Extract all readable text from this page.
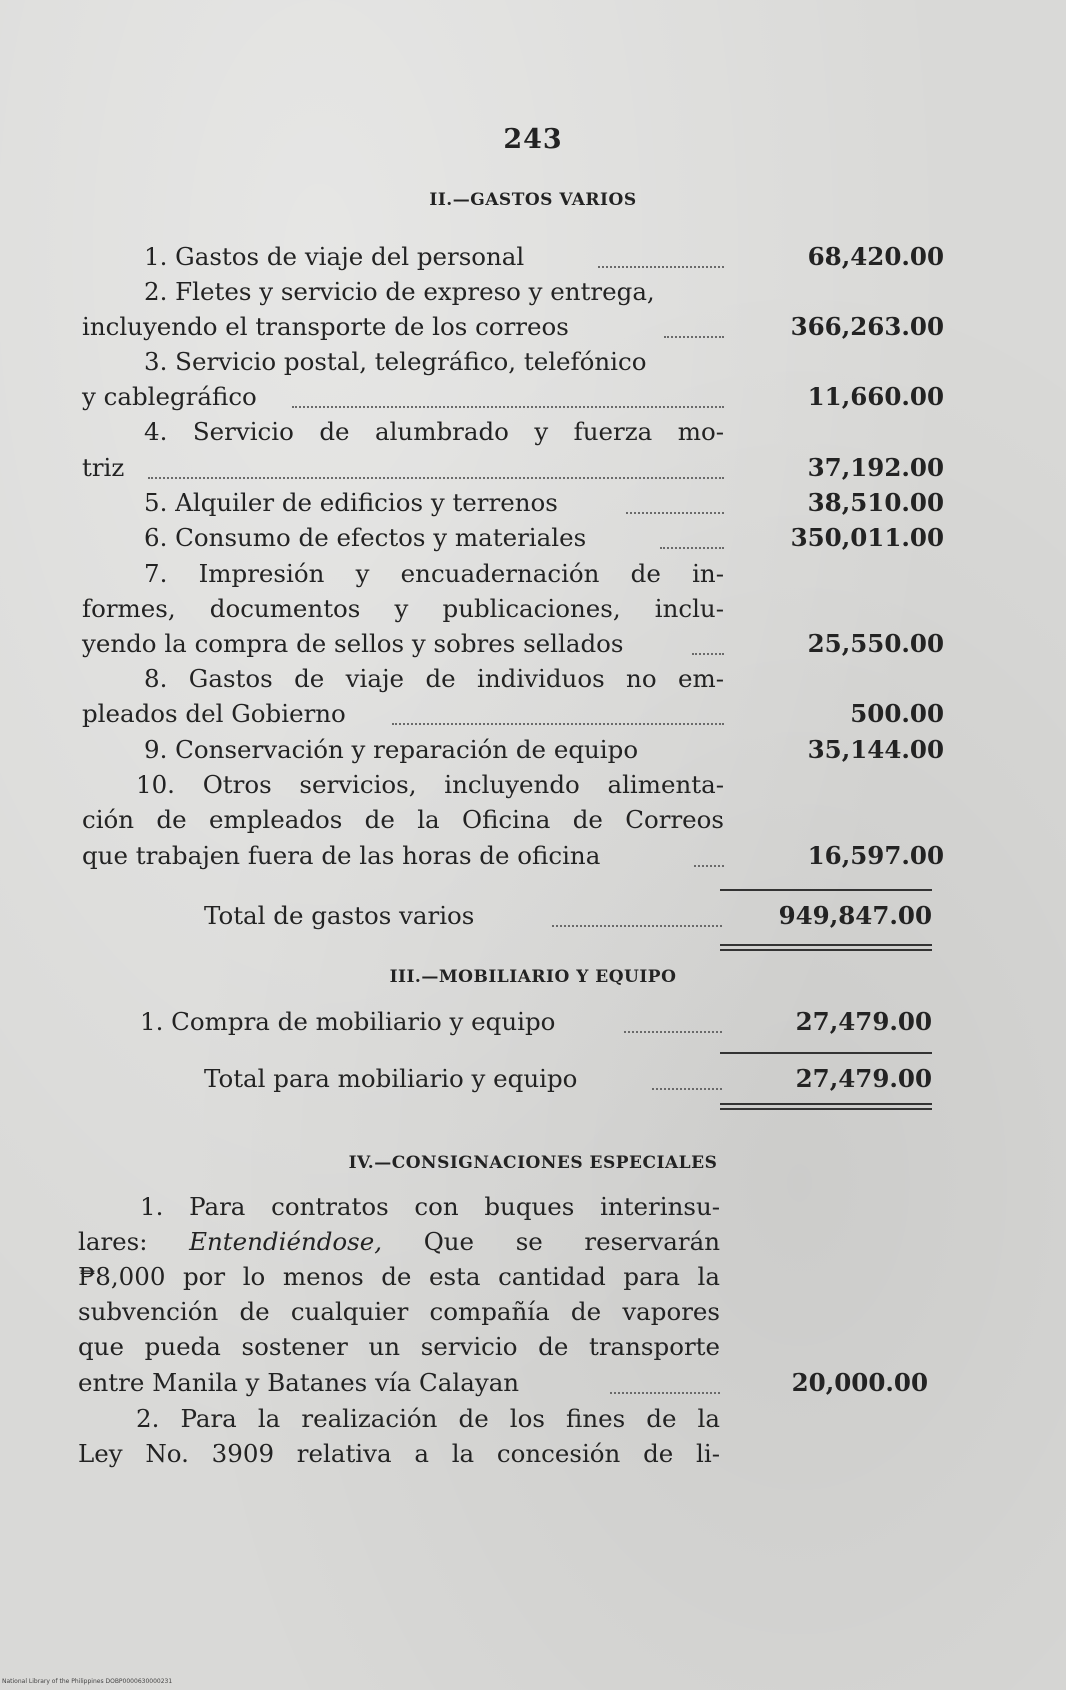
243
II.—GASTOS VARIOS
1. Gastos de viaje del personal	68,420.00
2. Fletes y servicio de expreso y entrega,
incluyendo el transporte de los correos	366,263.00
3. Servicio postal, telegráfico, telefónico
y cablegráfico	11,660.00
4. Servicio de alumbrado y fuerza mo-
triz	37,192.00
5. Alquiler de edificios y terrenos	38,510.00
6. Consumo de efectos y materiales	350,011.00
7. Impresión y encuadernación de in-
formes, documentos y publicaciones, inclu-
yendo la compra de sellos y sobres sellados	25,550.00
8. Gastos de viaje de individuos no em-
pleados del Gobierno	500.00
9. Conservación y reparación de equipo	35,144.00
10. Otros servicios, incluyendo alimenta-
ción de empleados de la Oficina de Correos
que trabajen fuera de las horas de oficina	16,597.00
Total de gastos varios	949,847.00
III.—MOBILIARIO Y EQUIPO
1. Compra de mobiliario y equipo	27,479.00
Total para mobiliario y equipo	27,479.00
IV.—CONSIGNACIONES ESPECIALES
1. Para contratos con buques interinsu-
lares: Entendiéndose, Que se reservarán
₱8,000 por lo menos de esta cantidad para la
subvención de cualquier compañía de vapores
que pueda sostener un servicio de transporte
entre Manila y Batanes vía Calayan	20,000.00
2. Para la realización de los fines de la
Ley No. 3909 relativa a la concesión de li-
National Library of the Philippines DOBP0000630000231
